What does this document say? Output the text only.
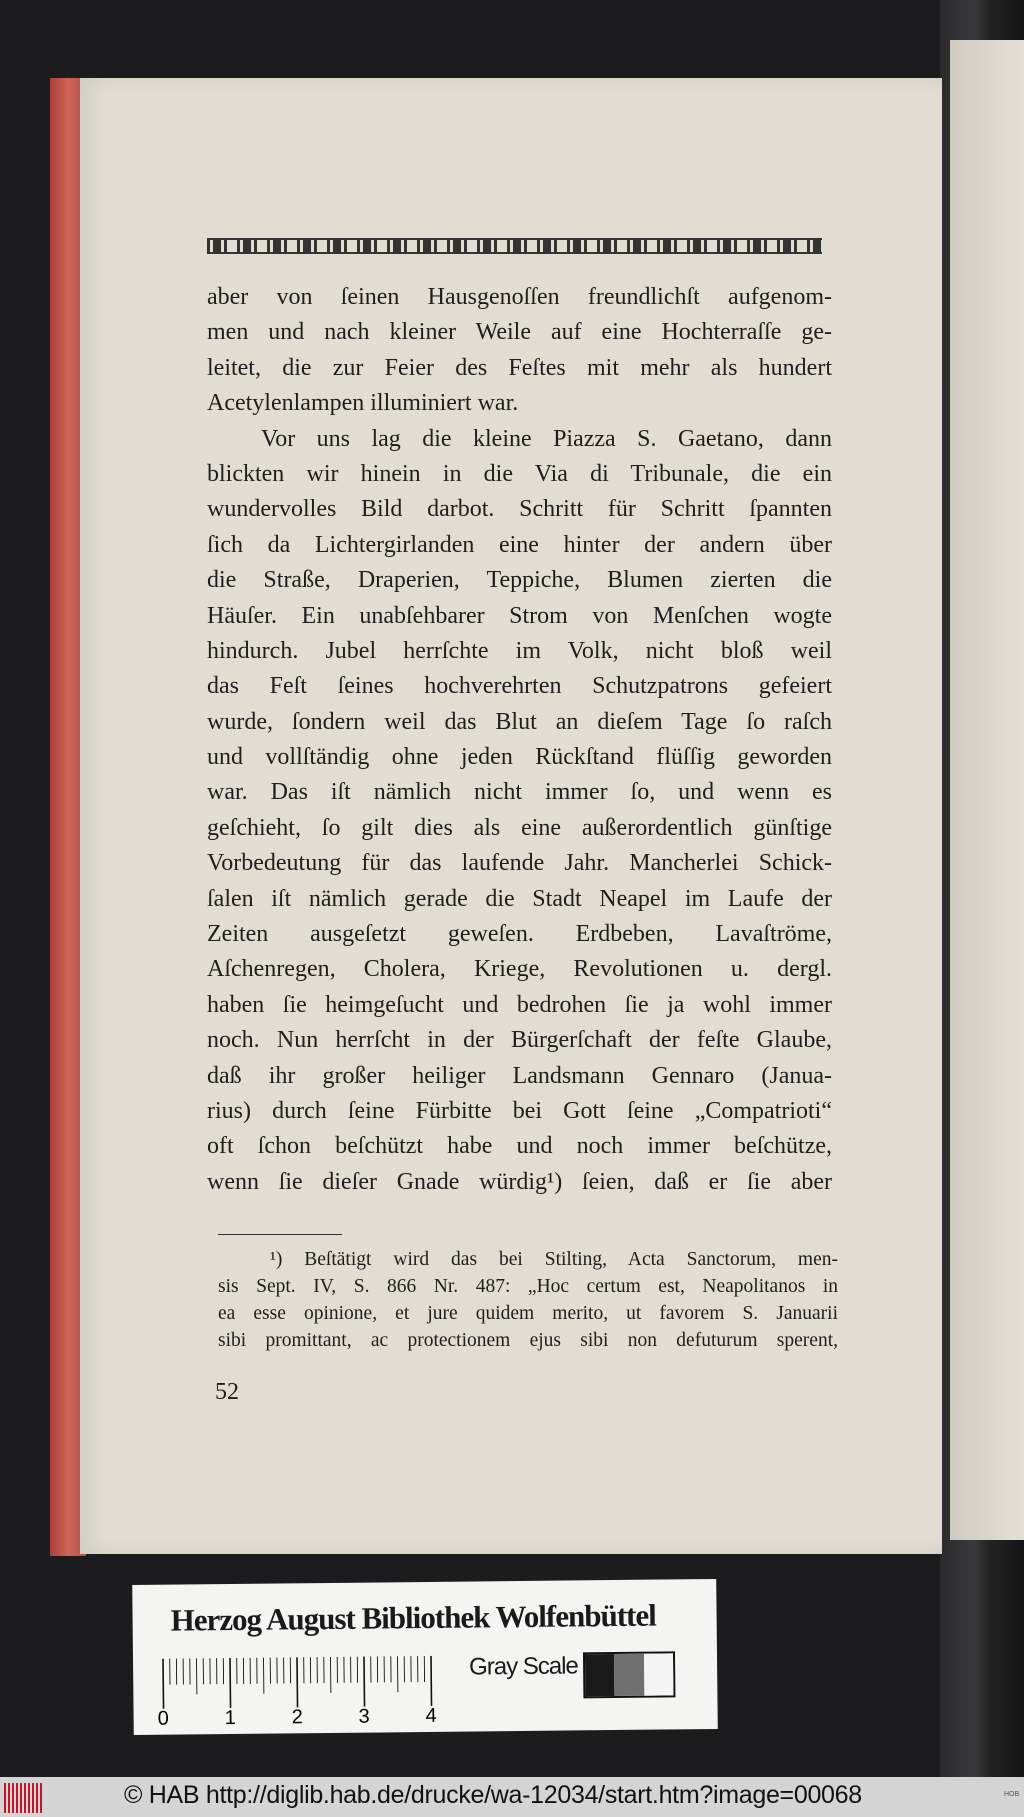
aber von ſeinen Hausgenoſſen freundlichſt aufgenom-
men und nach kleiner Weile auf eine Hochterraſſe ge-
leitet, die zur Feier des Feſtes mit mehr als hundert
Acetylenlampen illuminiert war.
Vor uns lag die kleine Piazza S. Gaetano, dann
blickten wir hinein in die Via di Tribunale, die ein
wundervolles Bild darbot. Schritt für Schritt ſpannten
ſich da Lichtergirlanden eine hinter der andern über
die Straße, Draperien, Teppiche, Blumen zierten die
Häuſer. Ein unabſehbarer Strom von Menſchen wogte
hindurch. Jubel herrſchte im Volk, nicht bloß weil
das Feſt ſeines hochverehrten Schutzpatrons gefeiert
wurde, ſondern weil das Blut an dieſem Tage ſo raſch
und vollſtändig ohne jeden Rückſtand flüſſig geworden
war. Das iſt nämlich nicht immer ſo, und wenn es
geſchieht, ſo gilt dies als eine außerordentlich günſtige
Vorbedeutung für das laufende Jahr. Mancherlei Schick-
ſalen iſt nämlich gerade die Stadt Neapel im Laufe der
Zeiten ausgeſetzt geweſen. Erdbeben, Lavaſtröme,
Aſchenregen, Cholera, Kriege, Revolutionen u. dergl.
haben ſie heimgeſucht und bedrohen ſie ja wohl immer
noch. Nun herrſcht in der Bürgerſchaft der feſte Glaube,
daß ihr großer heiliger Landsmann Gennaro (Janua-
rius) durch ſeine Fürbitte bei Gott ſeine „Compatrioti“
oft ſchon beſchützt habe und noch immer beſchütze,
wenn ſie dieſer Gnade würdig¹) ſeien, daß er ſie aber
¹) Beſtätigt wird das bei Stilting, Acta Sanctorum, men-
sis Sept. IV, S. 866 Nr. 487: „Hoc certum est, Neapolitanos in
ea esse opinione, et jure quidem merito, ut favorem S. Januarii
sibi promittant, ac protectionem ejus sibi non defuturum sperent,
52
Herzog August Bibliothek Wolfenbüttel
0	1	2	3	4
Gray Scale
© HAB http://diglib.hab.de/drucke/wa-12034/start.htm?image=00068	HOB
